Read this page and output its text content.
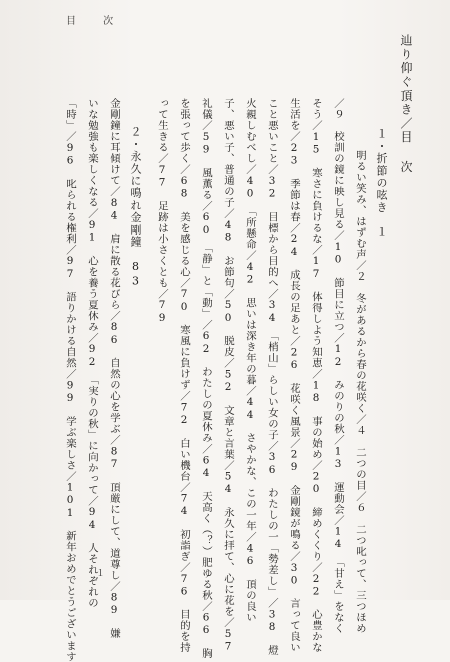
目 次
辿り仰ぐ頂き／目 次
１・折節の呟き　１
明るい笑み、はずむ声／２　冬があるから春の花咲く／４　二つの目／６　二つ叱って、三つほめ
／９　校訓の鏡に映し見る／10　節目に立つ／12　みのりの秋／13　運動会／14　「甘え」をなく
そう／15　寒さに負けるな／17　体得しよう知恵／18　事の始め／20　締めくくり／22　心豊かな
生活を／23　季節は春／24　成長の足あと／26　花咲く風景／29　金剛鏡が鳴る／30　言って良い
こと悪いこと／32　目標から目的へ／34　「梢山」らしい女の子／36　わたしの一「勢差し」／38　燈
火親しむべし／40　「所懸命／42　思いは深き年の暮／44　さやかな、この一年／46　頂の良い
子、悪い子、普通の子／48　お節句／50　脱皮／52　文章と言葉／54　永久に拝て、心に花を／57
礼儀／59　風薫る／60　「静」と「動」／62　わたしの夏休み／64　天高く（？）肥ゆる秋／66　胸
を張って歩く／68　美を感じる心／70　寒風に負けず／72　白い機台／74　初詣ぎ／76　目的を持
って生きる／77　足跡は小さくとも／79
２・永久に鳴れ金剛鐘　83
金剛鐘に耳傾けて／84　肩に散る花びら／86　自然の心を学ぶ／87　頂厳にして、道尊し／89　嫌
いな勉強も楽しくなる／91　心を養う夏休み／92　「実りの秋」に向かって／94　人それぞれの
「時」／96　叱られる権利／97　語りかける自然／99　学ぶ楽しさ／101　新年おめでとうございます １
